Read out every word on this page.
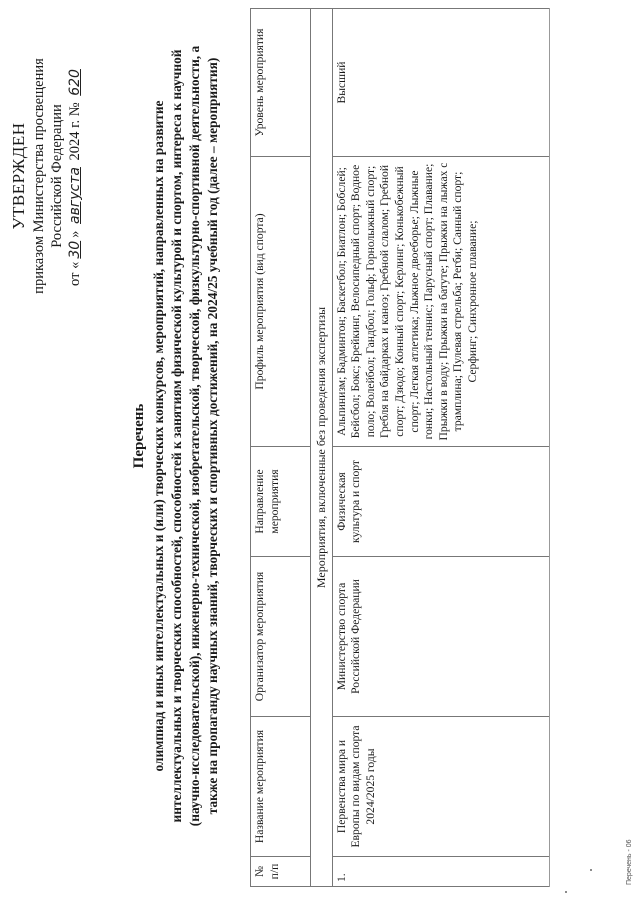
УТВЕРЖДЕН приказом Министерства просвещения Российской Федерации
от «30» августа 2024 г. № 620
Перечень олимпиад и иных интеллектуальных и (или) творческих конкурсов, мероприятий, направленных на развитие интеллектуальных и творческих способностей, способностей к занятиям физической культурой и спортом, интереса к научной (научно-исследовательской), инженерно-технической, изобретательской, творческой, физкультурно-спортивной деятельности, а также на пропаганду научных знаний, творческих и спортивных достижений, на 2024/25 учебный год (далее – мероприятия)
№ п/п	Название мероприятия	Организатор мероприятия	Направление мероприятия	Профиль мероприятия (вид спорта)	Уровень мероприятия
Мероприятия, включенные без проведения экспертизы					
1.	Первенства мира и Европы по видам спорта 2024/2025 годы	Министерство спорта Российской Федерации	Физическая культура и спорт	Альпинизм; Бадминтон; Баскетбол; Биатлон; Бобслей; Бейсбол; Бокс; Брейкинг, Велосипедный спорт; Водное поло; Волейбол; Гандбол; Гольф; Горнолыжный спорт; Гребля на байдарках и каноэ; Гребной слалом; Гребной спорт; Дзюдо; Конный спорт; Керлинг; Конькобежный спорт; Легкая атлетика; Лыжное двоеборье; Лыжные гонки; Настольный теннис; Парусный спорт; Плавание; Прыжки в воду; Прыжки на батуте; Прыжки на лыжах с трамплина; Пулевая стрельба; Регби; Санный спорт; Серфинг; Синхронное плавание;	Высший
Перечень - 06
